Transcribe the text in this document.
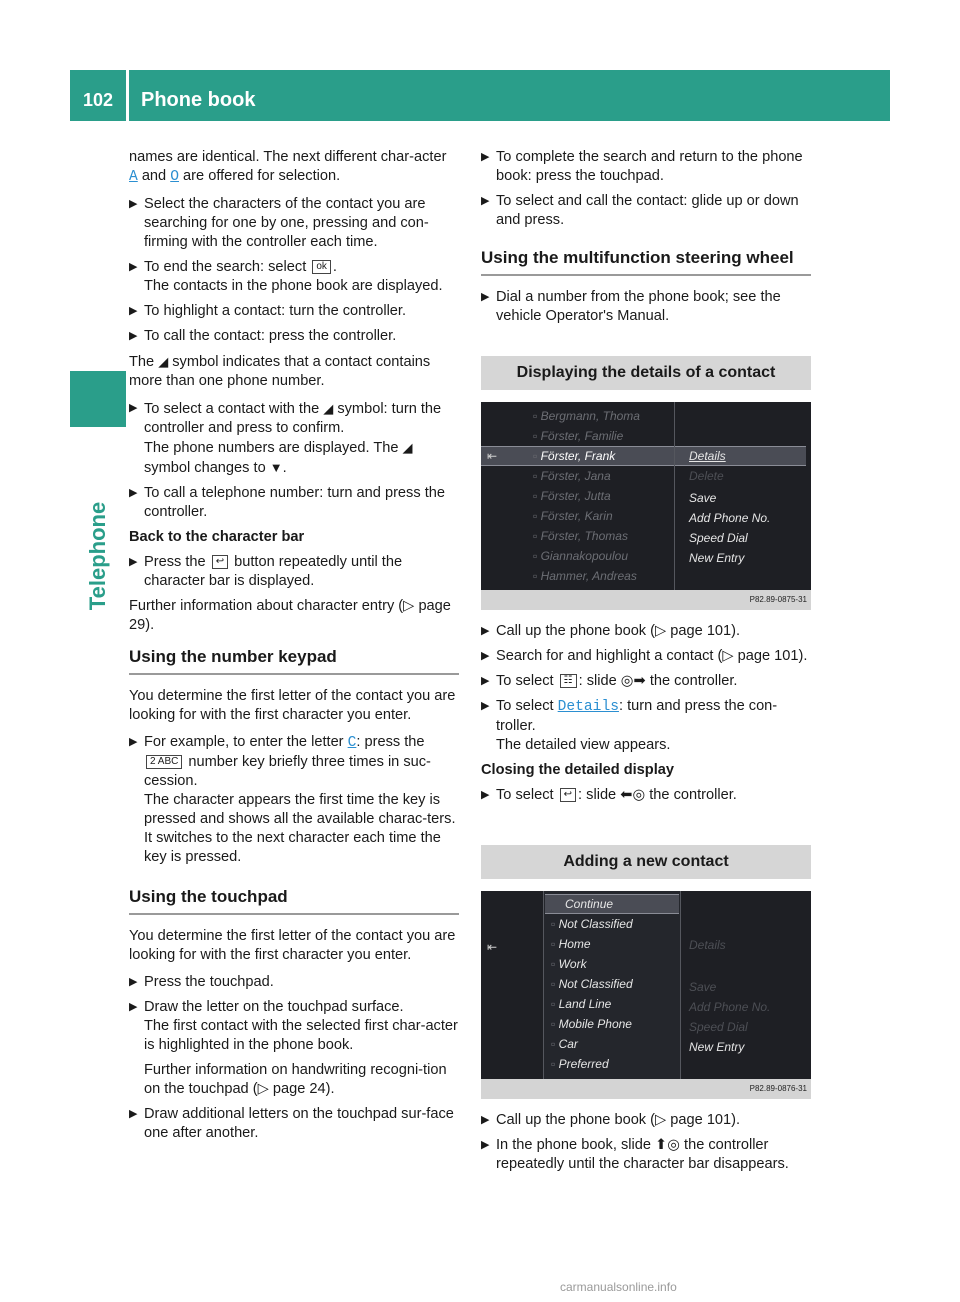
102	Phone book
Telephone

names are identical. The next different char-acter A and O are offered for selection.

▶ Select the characters of the contact you are searching for one by one, pressing and con-firming with the controller each time.
▶ To end the search: select ok .
The contacts in the phone book are displayed.
▶ To highlight a contact: turn the controller.
▶ To call the contact: press the controller.

The ◢ symbol indicates that a contact contains more than one phone number.

▶ To select a contact with the ◢ symbol: turn the controller and press to confirm.
The phone numbers are displayed. The ◢ symbol changes to ▼.
▶ To call a telephone number: turn and press the controller.
Back to the character bar
▶ Press the ↩ button repeatedly until the character bar is displayed.

Further information about character entry (▷ page 29).

Using the number keypad

You determine the first letter of the contact you are looking for with the first character you enter.

▶ For example, to enter the letter C: press the
2 ABC number key briefly three times in suc-cession.
The character appears the first time the key is pressed and shows all the available charac-ters. It switches to the next character each time the key is pressed.
Using the touchpad

You determine the first letter of the contact you are looking for with the first character you enter.

▶ Press the touchpad.
▶ Draw the letter on the touchpad surface.
The first contact with the selected first char-acter is highlighted in the phone book.

Further information on handwriting recogni-tion on the touchpad (▷ page 24).
▶ Draw additional letters on the touchpad sur-face one after another.
▶ To complete the search and return to the phone book: press the touchpad.
▶ To select and call the contact: glide up or down and press.
Using the multifunction steering wheel
▶ Dial a number from the phone book; see the vehicle Operator's Manual.
Displaying the details of a contact
⇤
▫ Bergmann, Thoma
▫ Förster, Familie
▫ Förster, Frank
▫ Förster, Jana
▫ Förster, Jutta
▫ Förster, Karin
▫ Förster, Thomas
▫ Giannakopoulou
▫ Hammer, Andreas
Details
Delete
Save
Add Phone No.
Speed Dial
New Entry
P82.89-0875-31
▶ Call up the phone book (▷ page 101).
▶ Search for and highlight a contact (▷ page 101).
▶ To select ☷ : slide ◎➡ the controller.
▶ To select Details: turn and press the con-troller.
The detailed view appears.
Closing the detailed display
▶ To select ↩ : slide ⬅◎ the controller.
Adding a new contact
⇤
Continue
▫ Not Classified
▫ Home
▫ Work
▫ Not Classified
▫ Land Line
▫ Mobile Phone
▫ Car
▫ Preferred
Details
Save
Add Phone No.
Speed Dial
New Entry
P82.89-0876-31
▶ Call up the phone book (▷ page 101).
▶ In the phone book, slide ⬆◎ the controller repeatedly until the character bar disappears.
carmanualsonline.info
